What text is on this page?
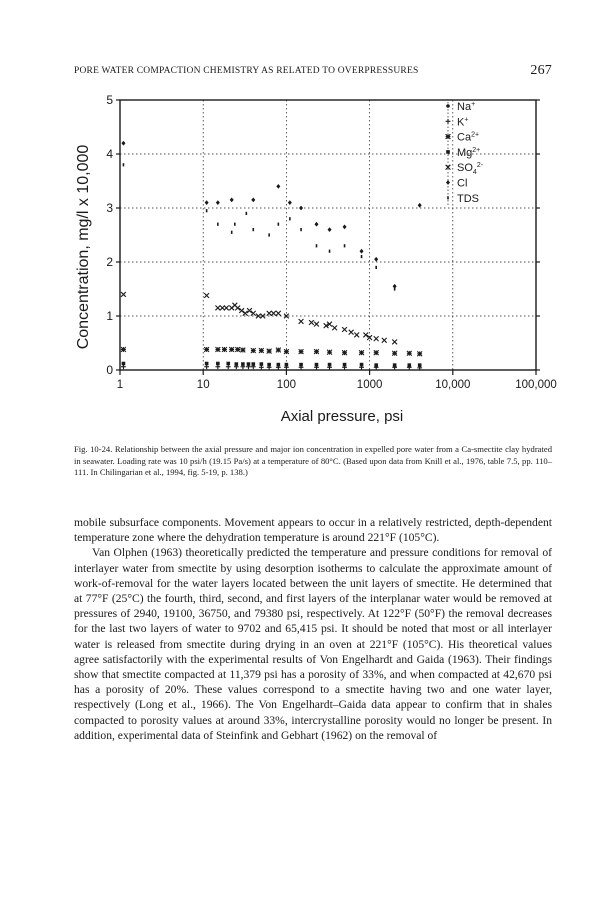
PORE WATER COMPACTION CHEMISTRY AS RELATED TO OVERPRESSURES	267
0
1
2
3
4
5
1	10	100	1000	10,000	100,000
Na+
K+
$Ca^{2+}$
$Mg^{2+}$
$SO_4^{2-}$
Cl
TDS
Concentration, mg/l x 10,000
Axial pressure, psi
Fig. 10-24. Relationship between the axial pressure and major ion concentration in expelled pore water from a Ca-smectite clay hydrated in seawater. Loading rate was 10 psi/h (19.15 Pa/s) at a temperature of 80°C. (Based upon data from Knill et al., 1976, table 7.5, pp. 110–111. In Chilingarian et al., 1994, fig. 5-19, p. 138.)

mobile subsurface components. Movement appears to occur in a relatively restricted, depth-dependent temperature zone where the dehydration temperature is around 221°F (105°C).

Van Olphen (1963) theoretically predicted the temperature and pressure conditions for removal of interlayer water from smectite by using desorption isotherms to calculate the approximate amount of work-of-removal for the water layers located between the unit layers of smectite. He determined that at 77°F (25°C) the fourth, third, second, and first layers of the interplanar water would be removed at pressures of 2940, 19100, 36750, and 79380 psi, respectively. At 122°F (50°F) the removal decreases for the last two layers of water to 9702 and 65,415 psi. It should be noted that most or all interlayer water is released from smectite during drying in an oven at 221°F (105°C). His theoretical values agree satisfactorily with the experimental results of Von Engelhardt and Gaida (1963). Their findings show that smectite compacted at 11,379 psi has a porosity of 33%, and when compacted at 42,670 psi has a porosity of 20%. These values correspond to a smectite having two and one water layer, respectively (Long et al., 1966). The Von Engelhardt–Gaida data appear to confirm that in shales compacted to porosity values at around 33%, intercrystalline porosity would no longer be present. In addition, experimental data of Steinfink and Gebhart (1962) on the removal of
